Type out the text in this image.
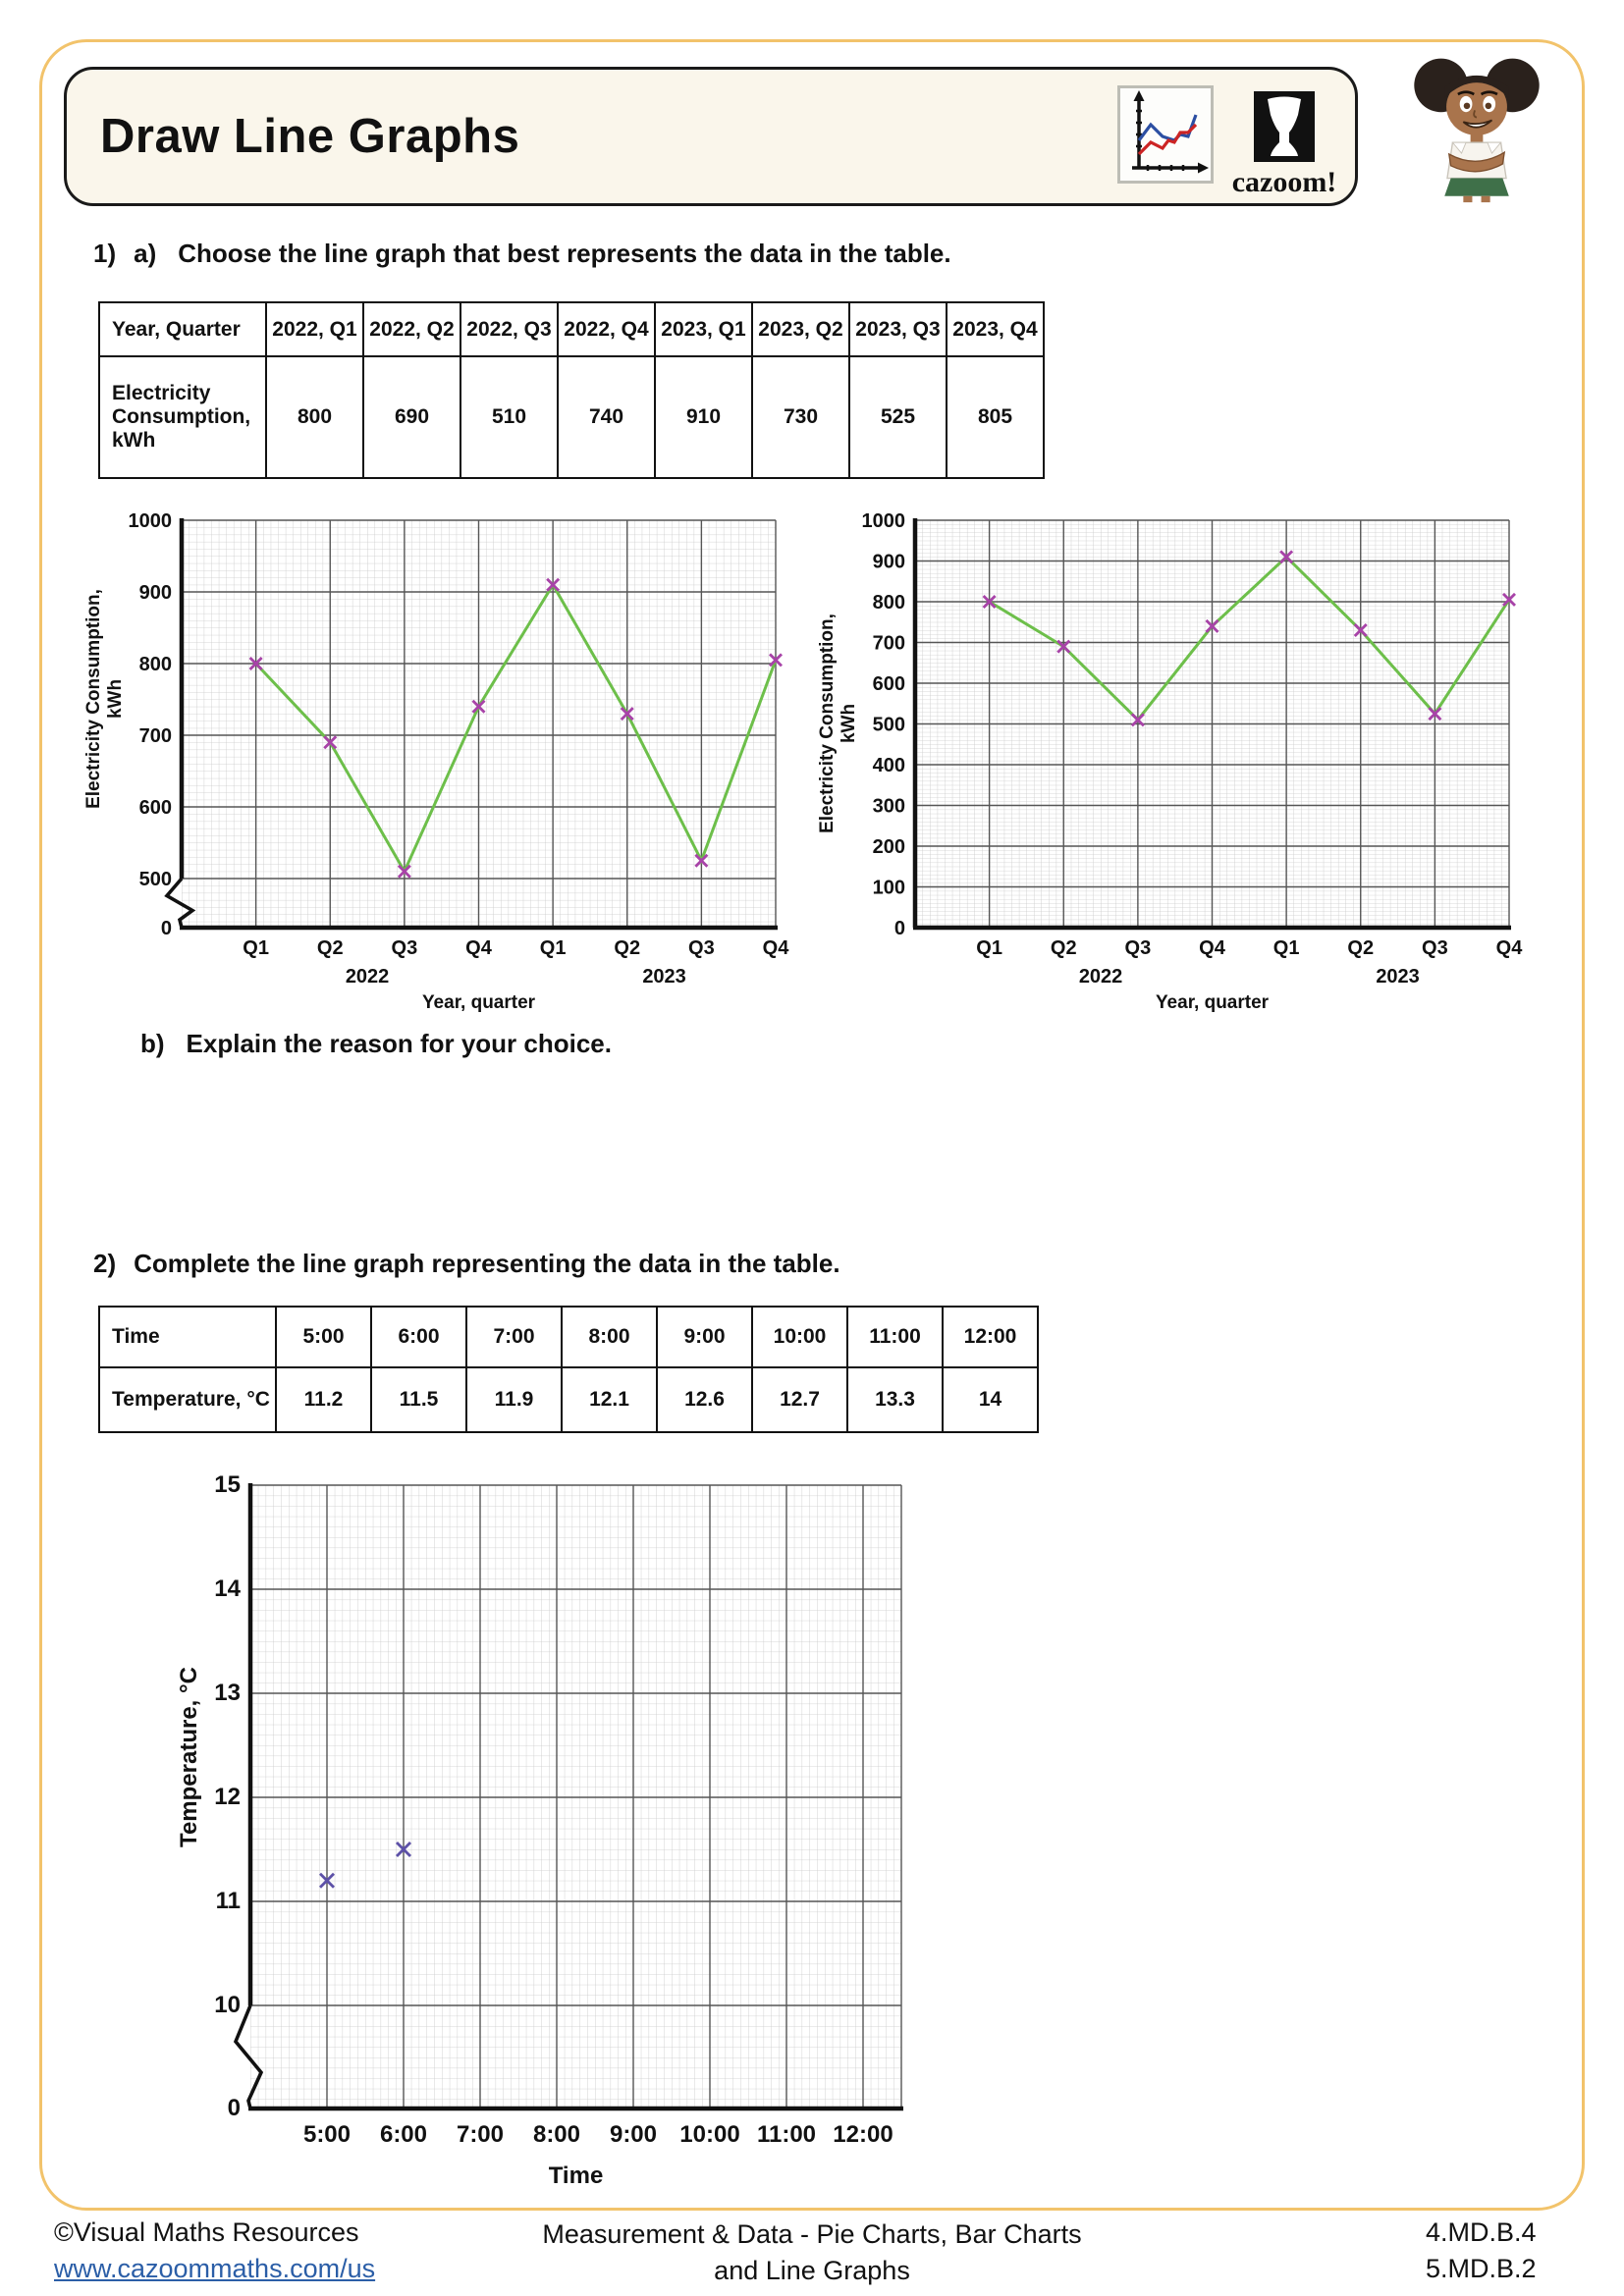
Draw Line Graphs
cazoom!
1) a) Choose the line graph that best represents the data in the table.
Year, Quarter	2022, Q1	2022, Q2	2022, Q3	2022, Q4	2023, Q1	2023, Q2	2023, Q3	2023, Q4
Electricity Consumption, kWh	800	690	510	740	910	730	525	805
1000
900
800
700
600
500
0
Q1 Q2 Q3 Q4 Q1 Q2 Q3 Q4
2022	2023
Year, quarter
Electricity Consumption,kWh
1000
900
800
700
600
500
400
300
200
100
0
Q1 Q2 Q3 Q4 Q1 Q2 Q3 Q4
2022	2023
Year, quarter
Electricity Consumption,kWh
b) Explain the reason for your choice.
2) Complete the line graph representing the data in the table.
Time	5:00	6:00	7:00	8:00	9:00	10:00	11:00	12:00
Temperature, °C	11.2	11.5	11.9	12.1	12.6	12.7	13.3	14
15
14
13
12
11
10
0
5:00 6:00 7:00 8:00 9:00 10:00 11:00 12:00
Time
Temperature, °C
©Visual Maths Resources
www.cazoommaths.com/us
Measurement & Data - Pie Charts, Bar Charts
and Line Graphs
4.MD.B.4
5.MD.B.2
